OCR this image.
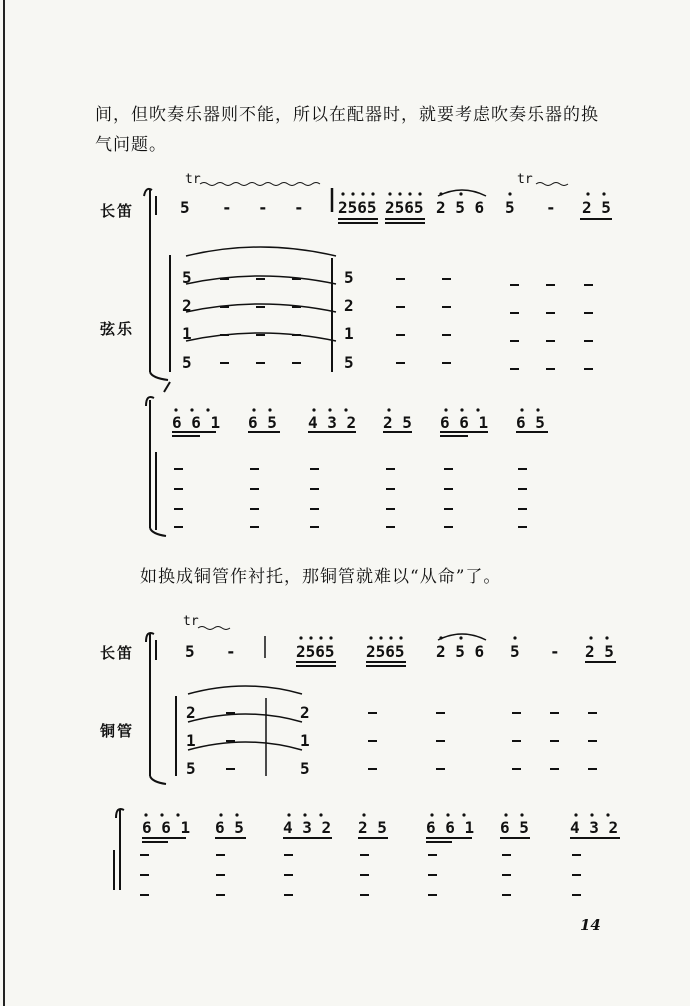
间，但吹奏乐器则不能，所以在配器时，就要考虑吹奏乐器的换
气问题。
长笛
弦乐
tr	tr
5 - - - 2565 2565 2 5 6 5 - 2 5
5
2
1
5
5
2
1
5
6 6 1 6 5 4 3 2 2 5 6 6 1 6 5
如换成铜管作衬托，那铜管就难以“从命”了。
长笛
铜管
tr
5 -	2565 2565 2 5 6 5 - 2 5
2
1
5
2
1
5
6 6 1 6 5 4 3 2 2 5 6 6 1 6 5	4 3 2
14
